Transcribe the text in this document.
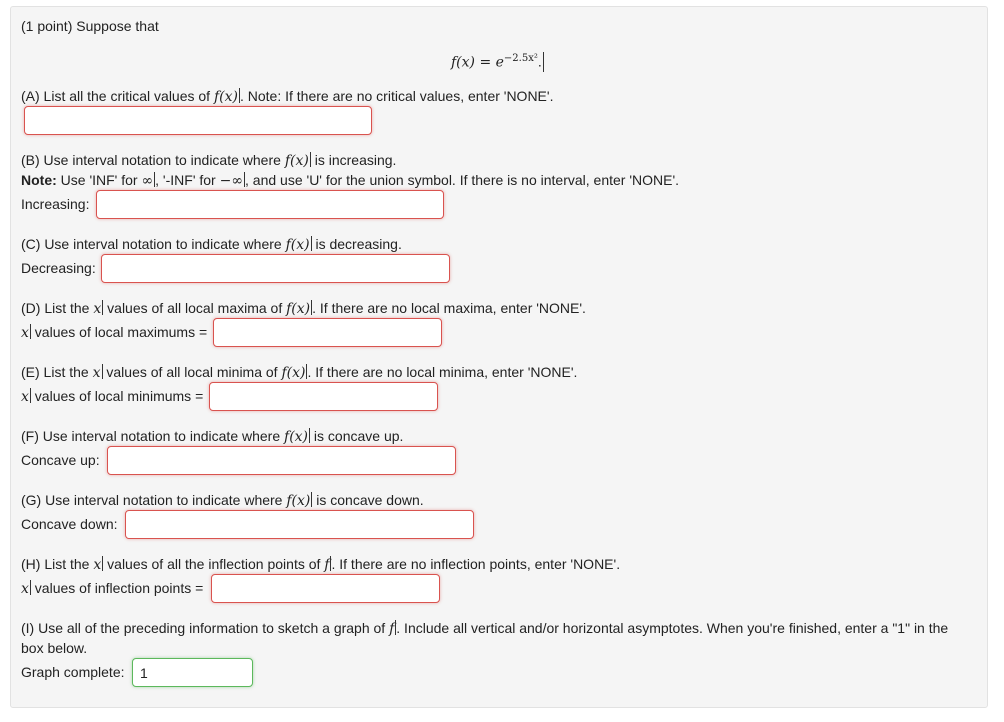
(1 point) Suppose that
$f(x) = e^{-2.5x^2}$.
(A) List all the critical values of f(x) . Note: If there are no critical values, enter 'NONE'.
(B) Use interval notation to indicate where f(x) is increasing.
Note: Use 'INF' for ∞ , '-INF' for −∞ , and use 'U' for the union symbol. If there is no interval, enter 'NONE'.
Increasing:
(C) Use interval notation to indicate where f(x) is decreasing.
Decreasing:
(D) List the x values of all local maxima of f(x) . If there are no local maxima, enter 'NONE'.
x values of local maximums =
(E) List the x values of all local minima of f(x) . If there are no local minima, enter 'NONE'.
x values of local minimums =
(F) Use interval notation to indicate where f(x) is concave up.
Concave up:
(G) Use interval notation to indicate where f(x) is concave down.
Concave down:
(H) List the x values of all the inflection points of f . If there are no inflection points, enter 'NONE'.
x values of inflection points =
(I) Use all of the preceding information to sketch a graph of f . Include all vertical and/or horizontal asymptotes. When you're finished, enter a "1" in the
box below.
Graph complete:
1
